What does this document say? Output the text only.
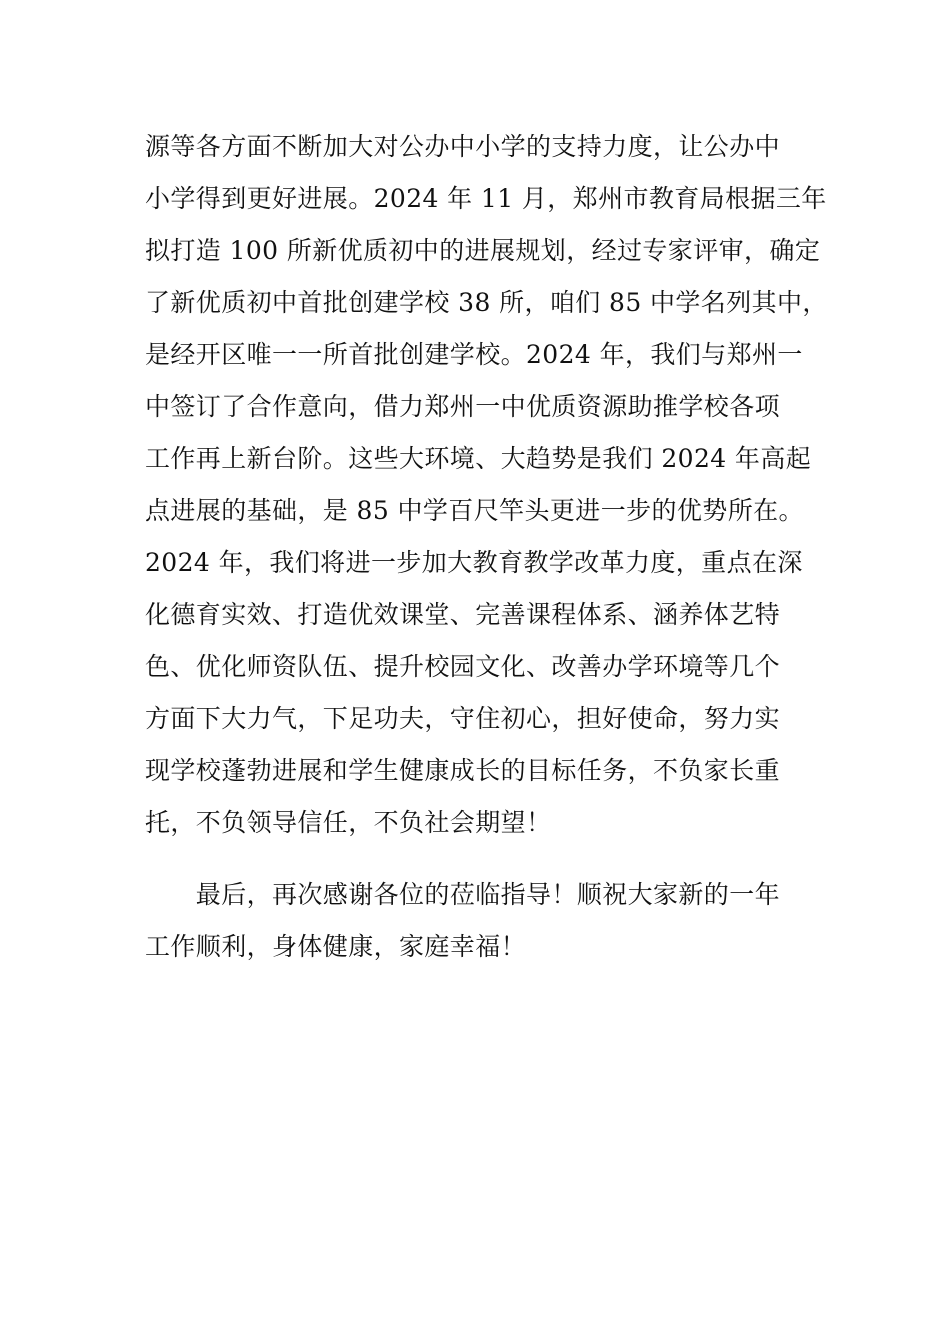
源等各方面不断加大对公办中小学的支持力度，让公办中
小学得到更好进展。2024 年 11 月，郑州市教育局根据三年
拟打造 100 所新优质初中的进展规划，经过专家评审，确定
了新优质初中首批创建学校 38 所，咱们 85 中学名列其中，
是经开区唯一一所首批创建学校。2024 年，我们与郑州一
中签订了合作意向，借力郑州一中优质资源助推学校各项
工作再上新台阶。这些大环境、大趋势是我们 2024 年高起
点进展的基础，是 85 中学百尺竿头更进一步的优势所在。
2024 年，我们将进一步加大教育教学改革力度，重点在深
化德育实效、打造优效课堂、完善课程体系、涵养体艺特
色、优化师资队伍、提升校园文化、改善办学环境等几个
方面下大力气，下足功夫，守住初心，担好使命，努力实
现学校蓬勃进展和学生健康成长的目标任务，不负家长重
托，不负领导信任，不负社会期望！
　　最后，再次感谢各位的莅临指导！顺祝大家新的一年
工作顺利，身体健康，家庭幸福！
